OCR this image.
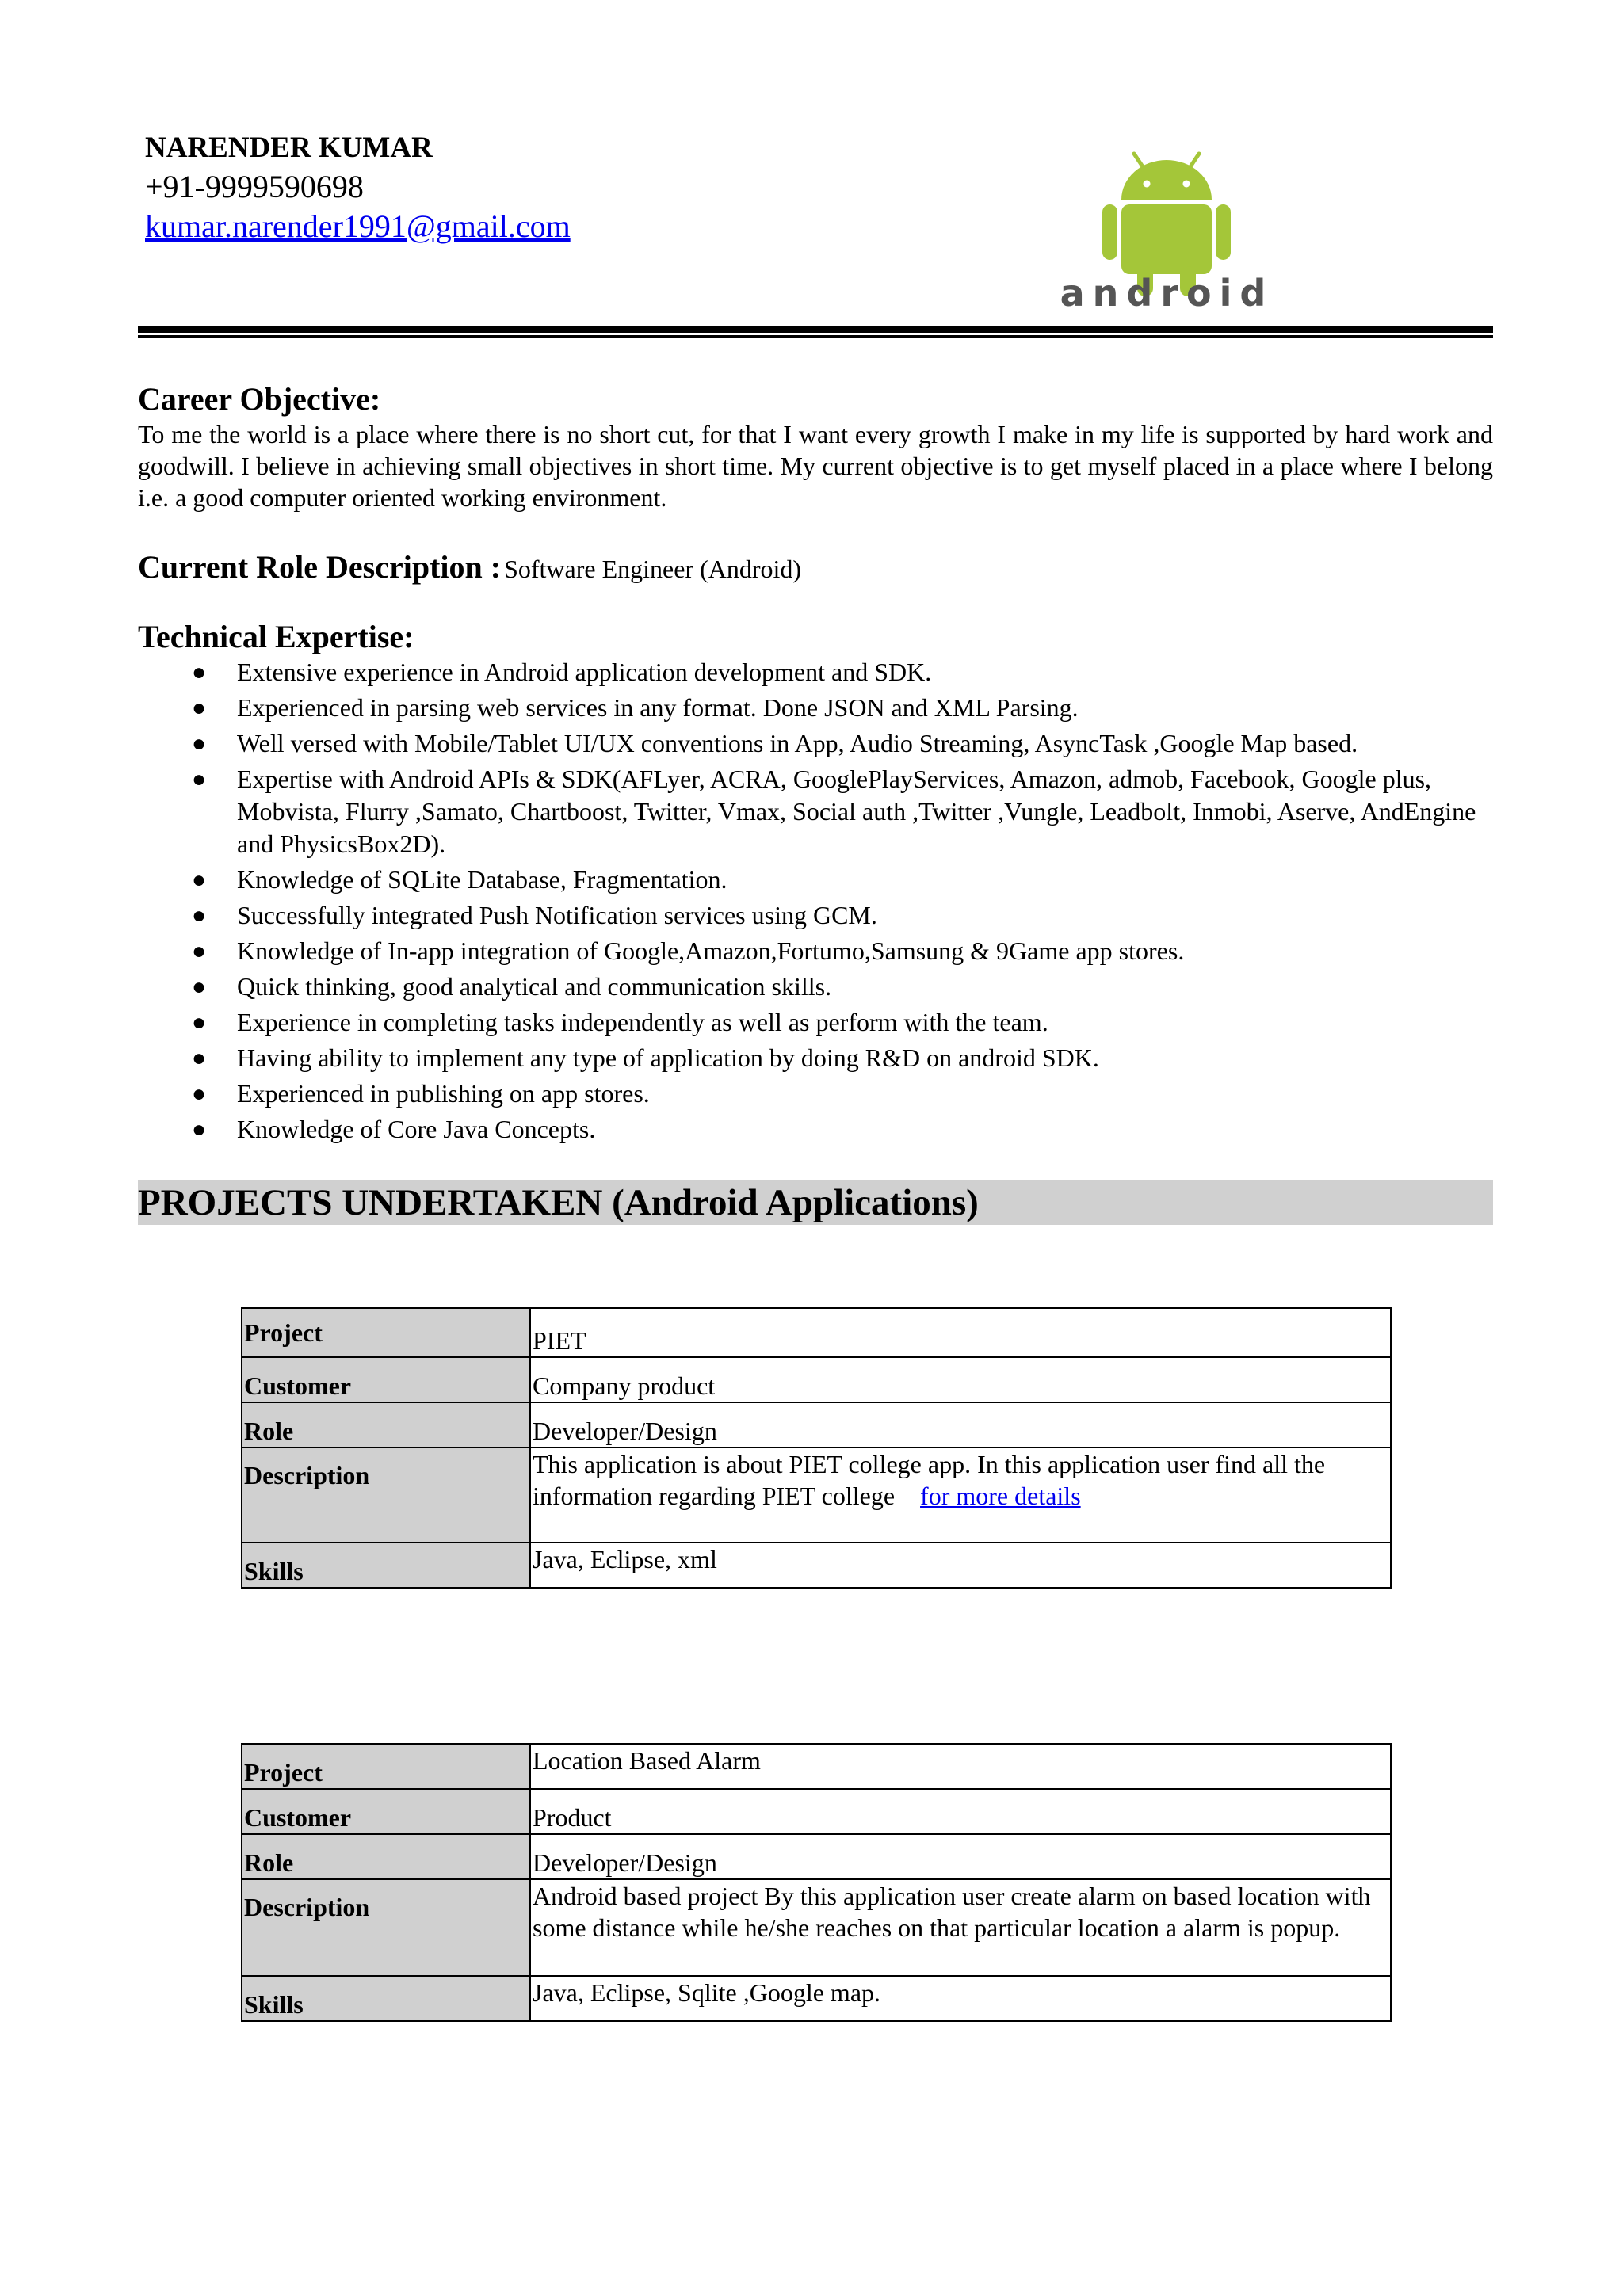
NARENDER KUMAR
+91-9999590698
kumar.narender1991@gmail.com
android
Career Objective:
To me the world is a place where there is no short cut, for that I want every growth I make in my life is supported by hard work and goodwill. I believe in achieving small objectives in short time. My current objective is to get myself placed in a place where I belong i.e. a good computer oriented working environment.
Current Role Description : Software Engineer (Android)
Technical Expertise:
● Extensive experience in Android application development and SDK.
● Experienced in parsing web services in any format. Done JSON and XML Parsing.
● Well versed with Mobile/Tablet UI/UX conventions in App, Audio Streaming, AsyncTask ,Google Map based.
● Expertise with Android APIs & SDK(AFLyer, ACRA, GooglePlayServices, Amazon, admob, Facebook, Google plus, Mobvista, Flurry ,Samato, Chartboost, Twitter, Vmax, Social auth ,Twitter ,Vungle, Leadbolt, Inmobi, Aserve, AndEngine and PhysicsBox2D).
● Knowledge of SQLite Database, Fragmentation.
● Successfully integrated Push Notification services using GCM.
● Knowledge of In-app integration of Google,Amazon,Fortumo,Samsung & 9Game app stores.
● Quick thinking, good analytical and communication skills.
● Experience in completing tasks independently as well as perform with the team.
● Having ability to implement any type of application by doing R&D on android SDK.
● Experienced in publishing on app stores.
● Knowledge of Core Java Concepts.
PROJECTS UNDERTAKEN (Android Applications)
Project	PIET
Customer	Company product
Role	Developer/Design
Description	This application is about PIET college app. In this application user find all the information regarding PIET college for more details
Skills	Java, Eclipse, xml
Project	Location Based Alarm
Customer	Product
Role	Developer/Design
Description	Android based project By this application user create alarm on based location with some distance while he/she reaches on that particular location a alarm is popup.
Skills	Java, Eclipse, Sqlite ,Google map.
